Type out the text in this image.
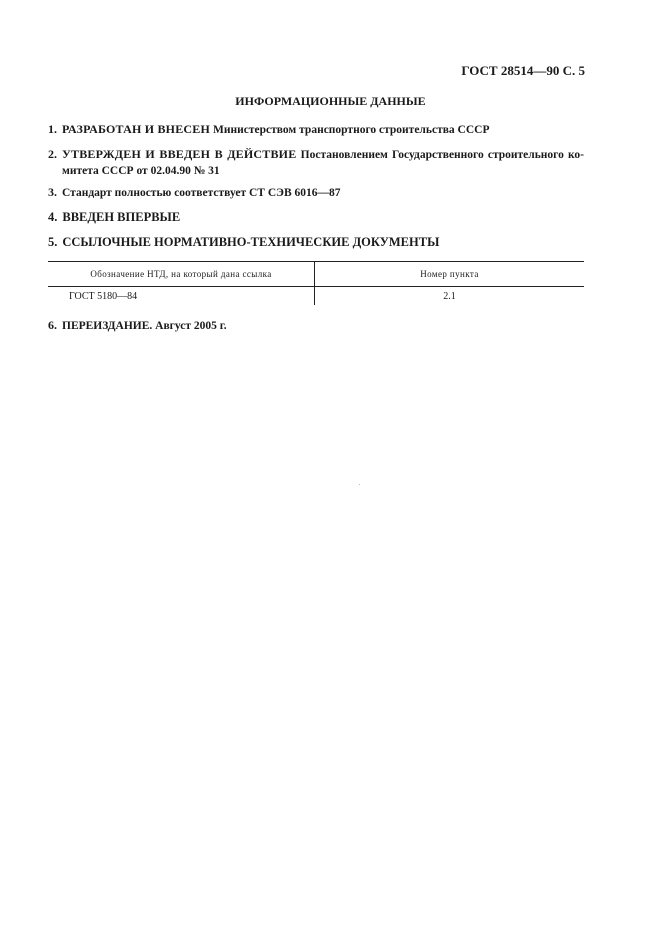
ГОСТ 28514—90 С. 5
ИНФОРМАЦИОННЫЕ ДАННЫЕ
1. РАЗРАБОТАН И ВНЕСЕН Министерством транспортного строительства СССР
2. УТВЕРЖДЕН И ВВЕДЕН В ДЕЙСТВИЕ Постановлением Государственного строительного ко-
митета СССР от 02.04.90 № 31
3. Стандарт полностью соответствует СТ СЭВ 6016—87
4. ВВЕДЕН ВПЕРВЫЕ
5. ССЫЛОЧНЫЕ НОРМАТИВНО-ТЕХНИЧЕСКИЕ ДОКУМЕНТЫ
Обозначение НТД, на который дана ссылка	Номер пункта
ГОСТ 5180—84	2.1
6. ПЕРЕИЗДАНИЕ. Август 2005 г.
